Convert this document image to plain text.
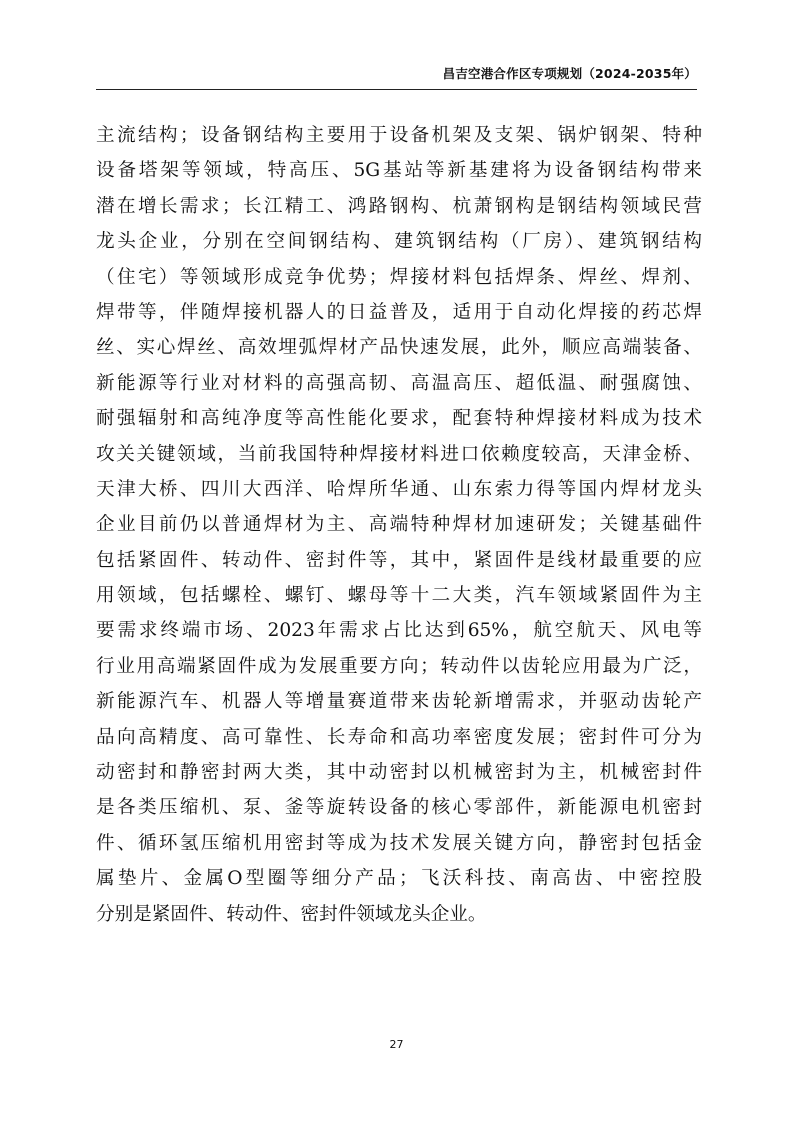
昌吉空港合作区专项规划（2024-2035年）
主流结构；设备钢结构主要用于设备机架及支架、锅炉钢架、特种
设备塔架等领域，特高压、5G基站等新基建将为设备钢结构带来
潜在增长需求；长江精工、鸿路钢构、杭萧钢构是钢结构领域民营
龙头企业，分别在空间钢结构、建筑钢结构（厂房）、建筑钢结构
（住宅）等领域形成竞争优势；焊接材料包括焊条、焊丝、焊剂、
焊带等，伴随焊接机器人的日益普及，适用于自动化焊接的药芯焊
丝、实心焊丝、高效埋弧焊材产品快速发展，此外，顺应高端装备、
新能源等行业对材料的高强高韧、高温高压、超低温、耐强腐蚀、
耐强辐射和高纯净度等高性能化要求，配套特种焊接材料成为技术
攻关关键领域，当前我国特种焊接材料进口依赖度较高，天津金桥、
天津大桥、四川大西洋、哈焊所华通、山东索力得等国内焊材龙头
企业目前仍以普通焊材为主、高端特种焊材加速研发；关键基础件
包括紧固件、转动件、密封件等，其中，紧固件是线材最重要的应
用领域，包括螺栓、螺钉、螺母等十二大类，汽车领域紧固件为主
要需求终端市场、2023年需求占比达到65%，航空航天、风电等
行业用高端紧固件成为发展重要方向；转动件以齿轮应用最为广泛，
新能源汽车、机器人等增量赛道带来齿轮新增需求，并驱动齿轮产
品向高精度、高可靠性、长寿命和高功率密度发展；密封件可分为
动密封和静密封两大类，其中动密封以机械密封为主，机械密封件
是各类压缩机、泵、釜等旋转设备的核心零部件，新能源电机密封
件、循环氢压缩机用密封等成为技术发展关键方向，静密封包括金
属垫片、金属O型圈等细分产品；飞沃科技、南高齿、中密控股
分别是紧固件、转动件、密封件领域龙头企业。
27
